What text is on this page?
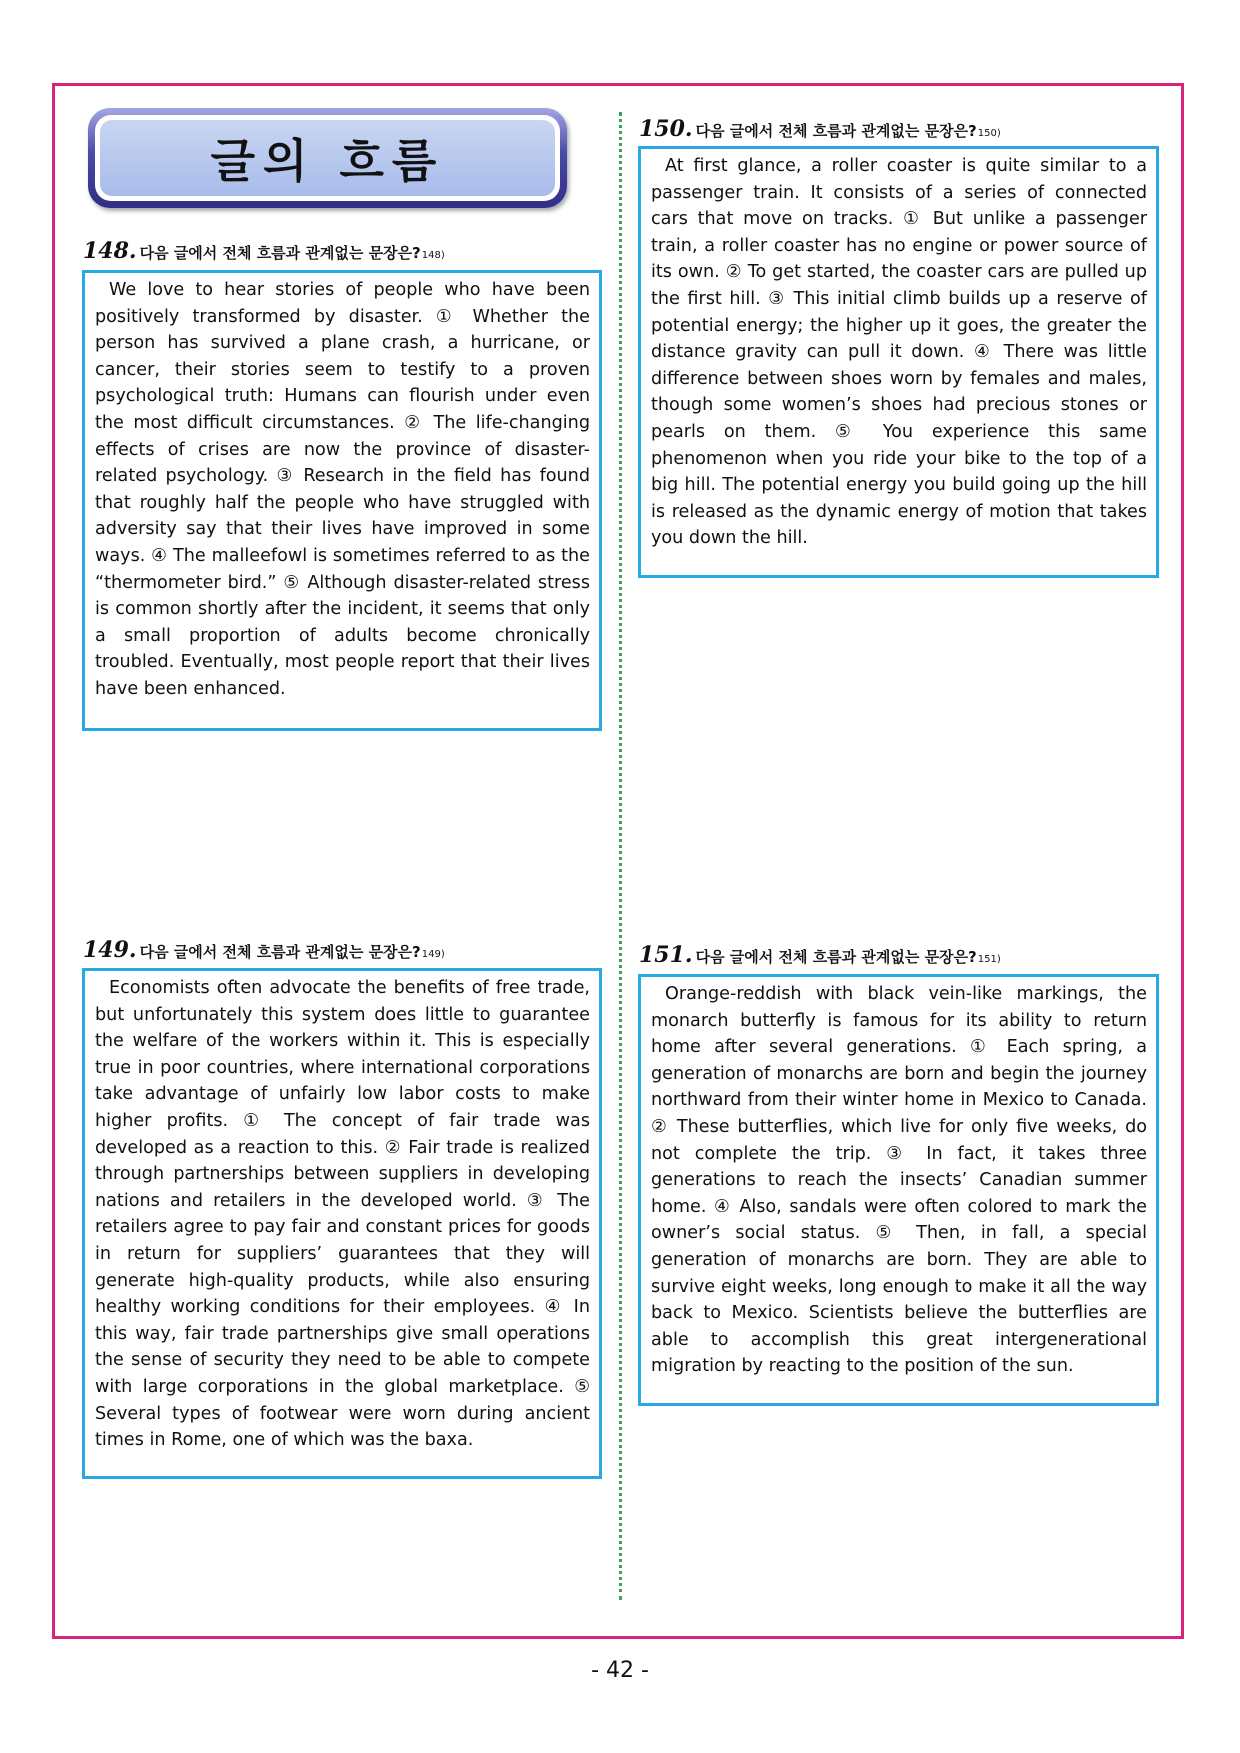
글의 흐름
148. 다음 글에서 전체 흐름과 관계없는 문장은? 148)

We love to hear stories of people who have been positively transformed by disaster. ① Whether the person has survived a plane crash, a hurricane, or cancer, their stories seem to testify to a proven psychological truth: Humans can flourish under even the most difficult circumstances. ② The life-changing effects of crises are now the province of disaster-related psychology. ③ Research in the field has found that roughly half the people who have struggled with adversity say that their lives have improved in some ways. ④ The malleefowl is sometimes referred to as the “thermometer bird.” ⑤ Although disaster-related stress is common shortly after the incident, it seems that only a small proportion of adults become chronically troubled. Eventually, most people report that their lives have been enhanced.

149. 다음 글에서 전체 흐름과 관계없는 문장은? 149)

Economists often advocate the benefits of free trade, but unfortunately this system does little to guarantee the welfare of the workers within it. This is especially true in poor countries, where international corporations take advantage of unfairly low labor costs to make higher profits. ① The concept of fair trade was developed as a reaction to this. ② Fair trade is realized through partnerships between suppliers in developing nations and retailers in the developed world. ③ The retailers agree to pay fair and constant prices for goods in return for suppliers’ guarantees that they will generate high-quality products, while also ensuring healthy working conditions for their employees. ④ In this way, fair trade partnerships give small operations the sense of security they need to be able to compete with large corporations in the global marketplace. ⑤ Several types of footwear were worn during ancient times in Rome, one of which was the baxa.

150. 다음 글에서 전체 흐름과 관계없는 문장은? 150)

At first glance, a roller coaster is quite similar to a passenger train. It consists of a series of connected cars that move on tracks. ① But unlike a passenger train, a roller coaster has no engine or power source of its own. ② To get started, the coaster cars are pulled up the first hill. ③ This initial climb builds up a reserve of potential energy; the higher up it goes, the greater the distance gravity can pull it down. ④ There was little difference between shoes worn by females and males, though some women’s shoes had precious stones or pearls on them. ⑤ You experience this same phenomenon when you ride your bike to the top of a big hill. The potential energy you build going up the hill is released as the dynamic energy of motion that takes you down the hill.

151. 다음 글에서 전체 흐름과 관계없는 문장은? 151)

Orange-reddish with black vein-like markings, the monarch butterfly is famous for its ability to return home after several generations. ① Each spring, a generation of monarchs are born and begin the journey northward from their winter home in Mexico to Canada. ② These butterflies, which live for only five weeks, do not complete the trip. ③ In fact, it takes three generations to reach the insects’ Canadian summer home. ④ Also, sandals were often colored to mark the owner’s social status. ⑤ Then, in fall, a special generation of monarchs are born. They are able to survive eight weeks, long enough to make it all the way back to Mexico. Scientists believe the butterflies are able to accomplish this great intergenerational migration by reacting to the position of the sun.

- 42 -
